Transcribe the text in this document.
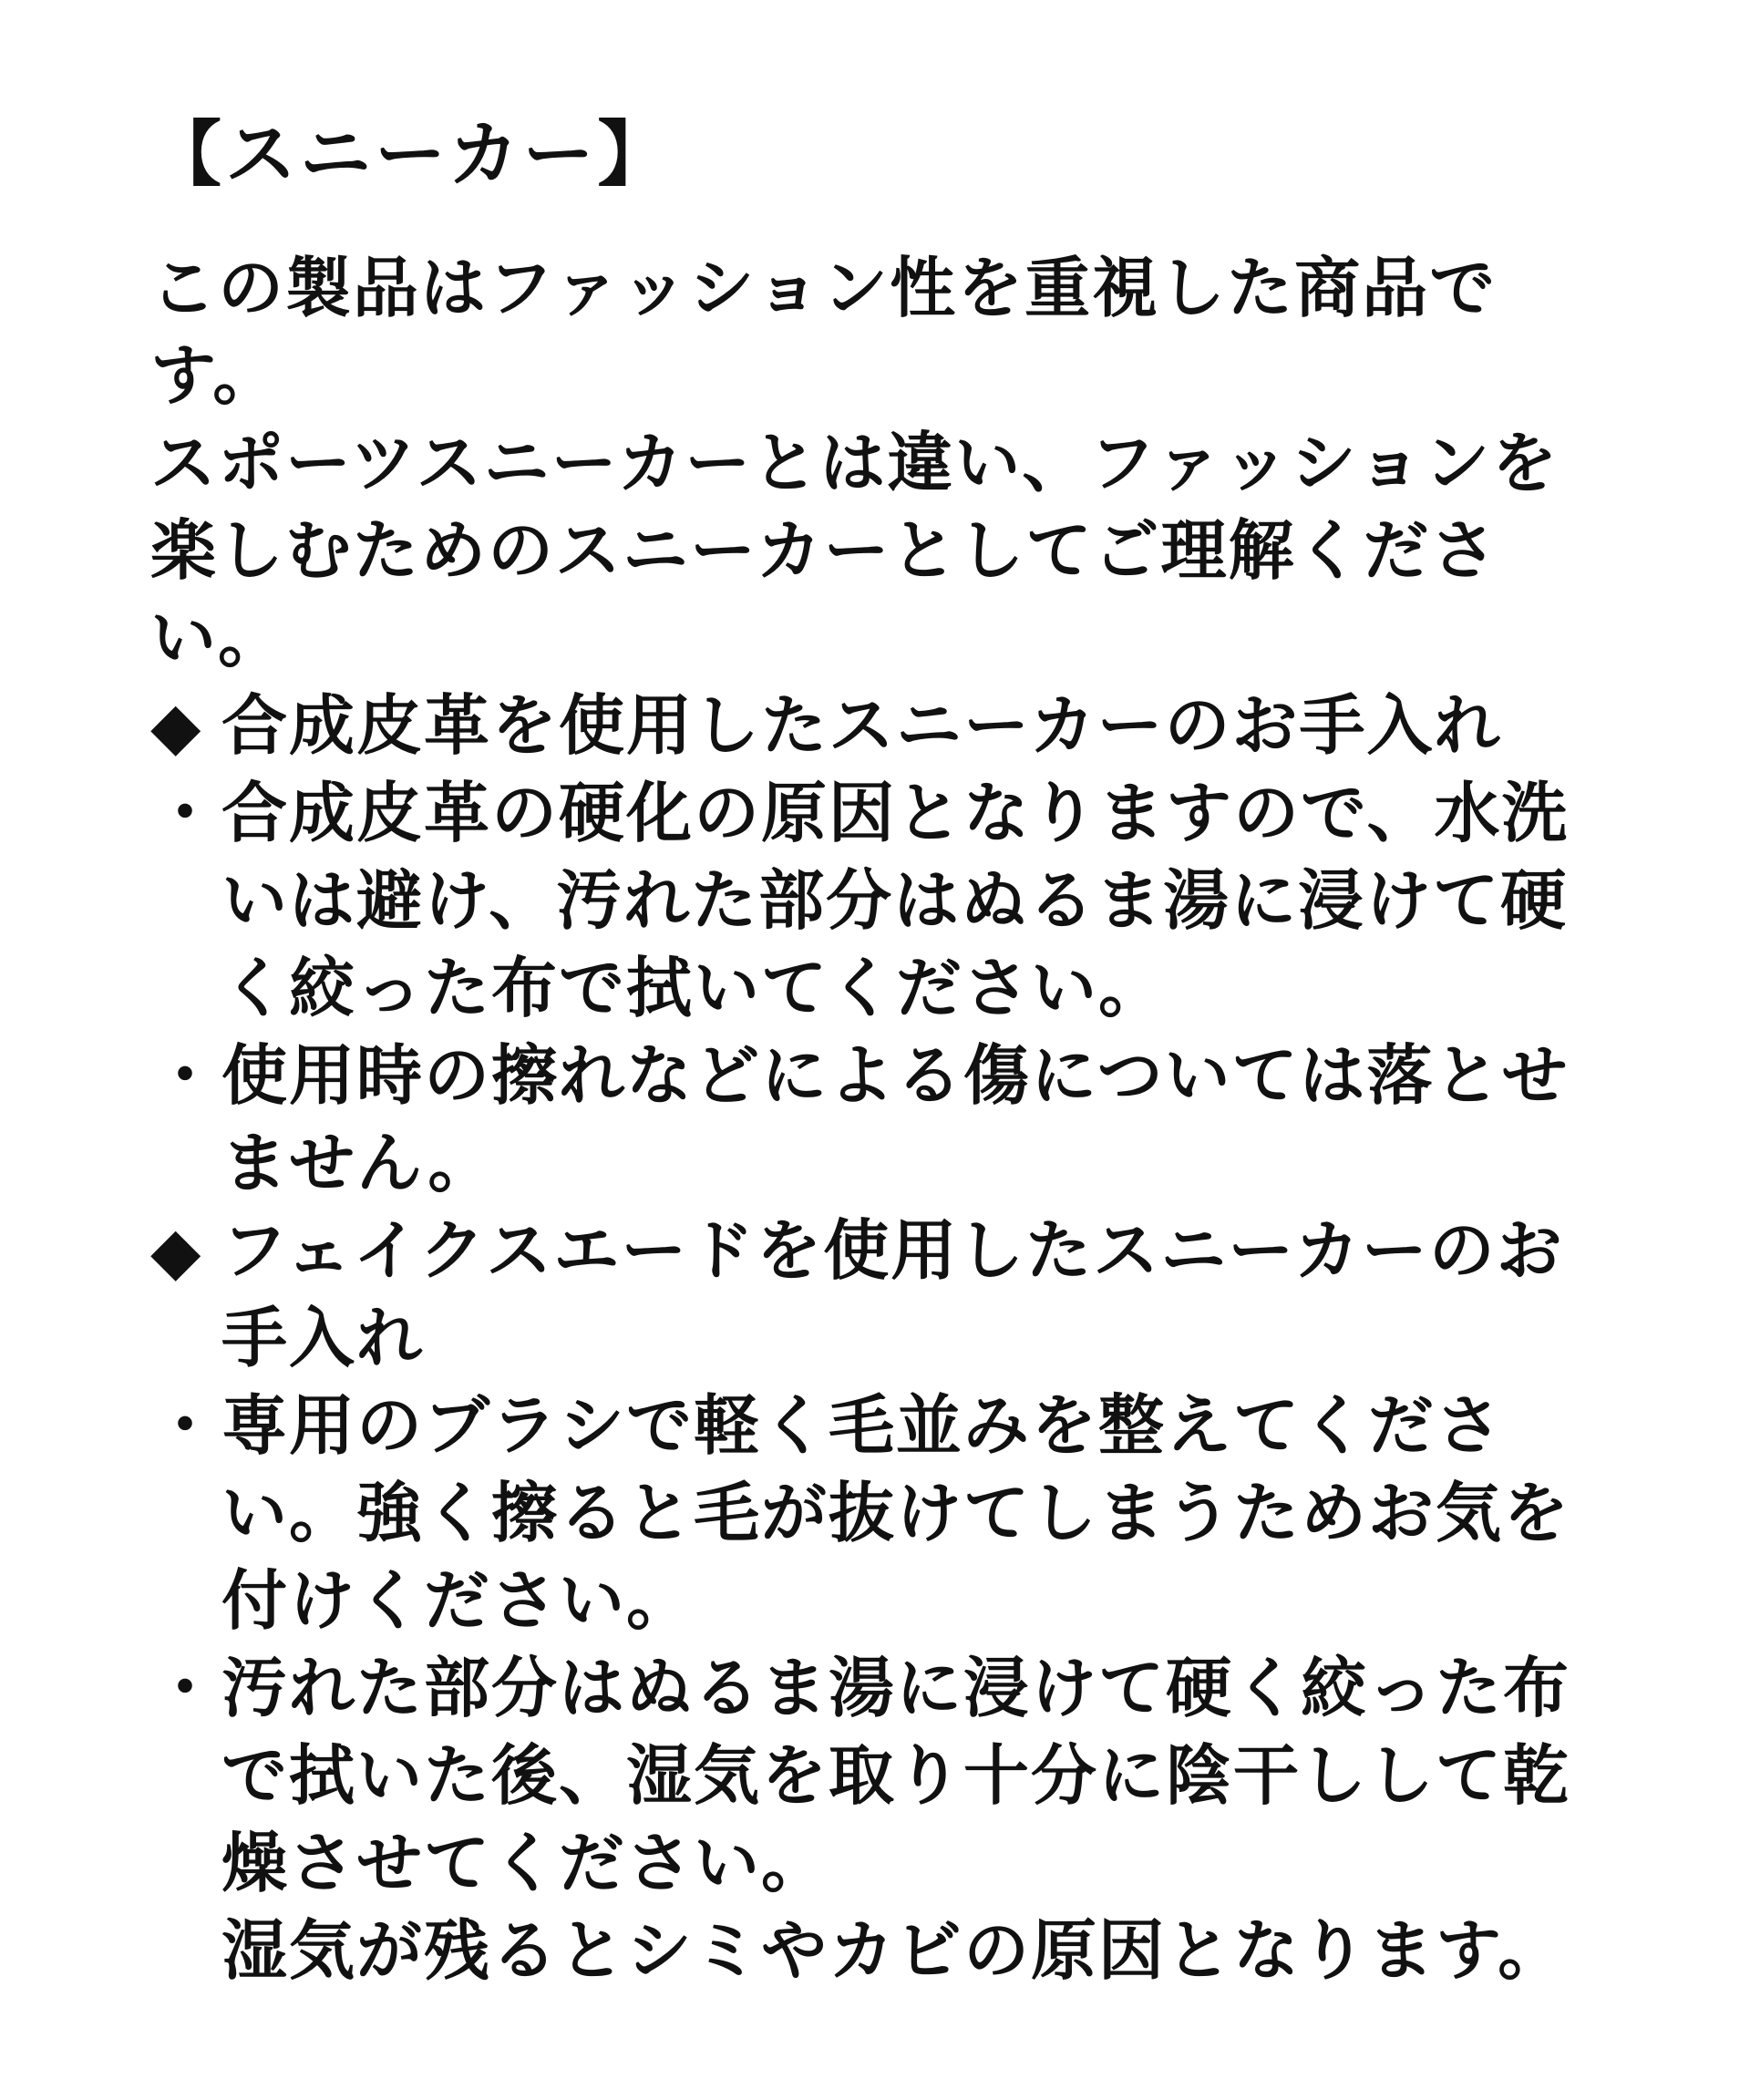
【スニーカー】

この製品はファッション性を重視した商品です。

スポーツスニーカーとは違い、ファッションを楽しむためのスニーカーとしてご理解ください。

◆ 合成皮革を使用したスニーカーのお手入れ
・合成皮革の硬化の原因となりますので、水洗いは避け、汚れた部分はぬるま湯に浸けて硬く絞った布で拭いてください。
・使用時の擦れなどによる傷については落とせません。
◆ フェイクスエードを使用したスニーカーのお手入れ
・専用のブラシで軽く毛並みを整えてください。強く擦ると毛が抜けてしまうためお気を付けください。
・汚れた部分はぬるま湯に浸けて硬く絞った布で拭いた後、湿気を取り十分に陰干しして乾燥させてください。
湿気が残るとシミやカビの原因となります。
